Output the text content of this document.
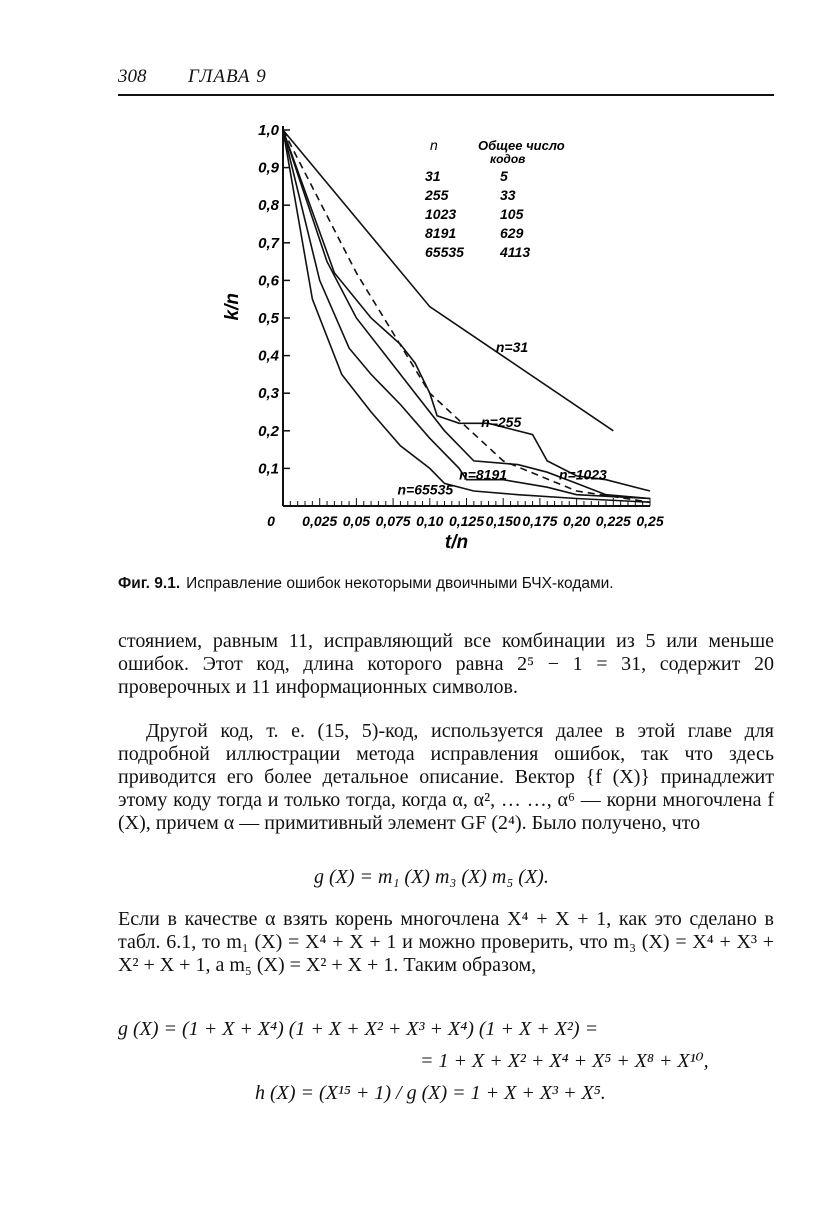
308 ГЛАВА 9
0,1
0,2
0,3
0,4
0,5
0,6
0,7
0,8
0,9
1,0
0 0,025 0,05 0,075 0,10 0,125 0,150 0,175 0,20 0,225 0,25
t/n
k/n
n=31
n=255
n=1023
n=8191
n=65535
n	Общее число
кодов
31	5
255	33
1023	105
8191	629
65535	4113
Фиг. 9.1. Исправление ошибок некоторыми двоичными БЧХ-кодами.
стоянием, равным 11, исправляющий все комбинации из 5 или меньше ошибок. Этот код, длина которого равна 2⁵ − 1 = 31, содержит 20 проверочных и 11 информационных символов.
Другой код, т. е. (15, 5)-код, используется далее в этой главе для подробной иллюстрации метода исправления ошибок, так что здесь приводится его более детальное описание. Вектор {f (X)} принадлежит этому коду тогда и только тогда, когда α, α², … …, α⁶ — корни многочлена f (X), причем α — примитивный элемент GF (2⁴). Было получено, что
g (X) = m₁ (X) m₃ (X) m₅ (X).
Если в качестве α взять корень многочлена X⁴ + X + 1, как это сделано в табл. 6.1, то m₁ (X) = X⁴ + X + 1 и можно проверить, что m₃ (X) = X⁴ + X³ + X² + X + 1, а m₅ (X) = X² + X + 1. Таким образом,
g (X) = (1 + X + X⁴) (1 + X + X² + X³ + X⁴) (1 + X + X²) =
= 1 + X + X² + X⁴ + X⁵ + X⁸ + X¹⁰,
h (X) = (X¹⁵ + 1) / g (X) = 1 + X + X³ + X⁵.
